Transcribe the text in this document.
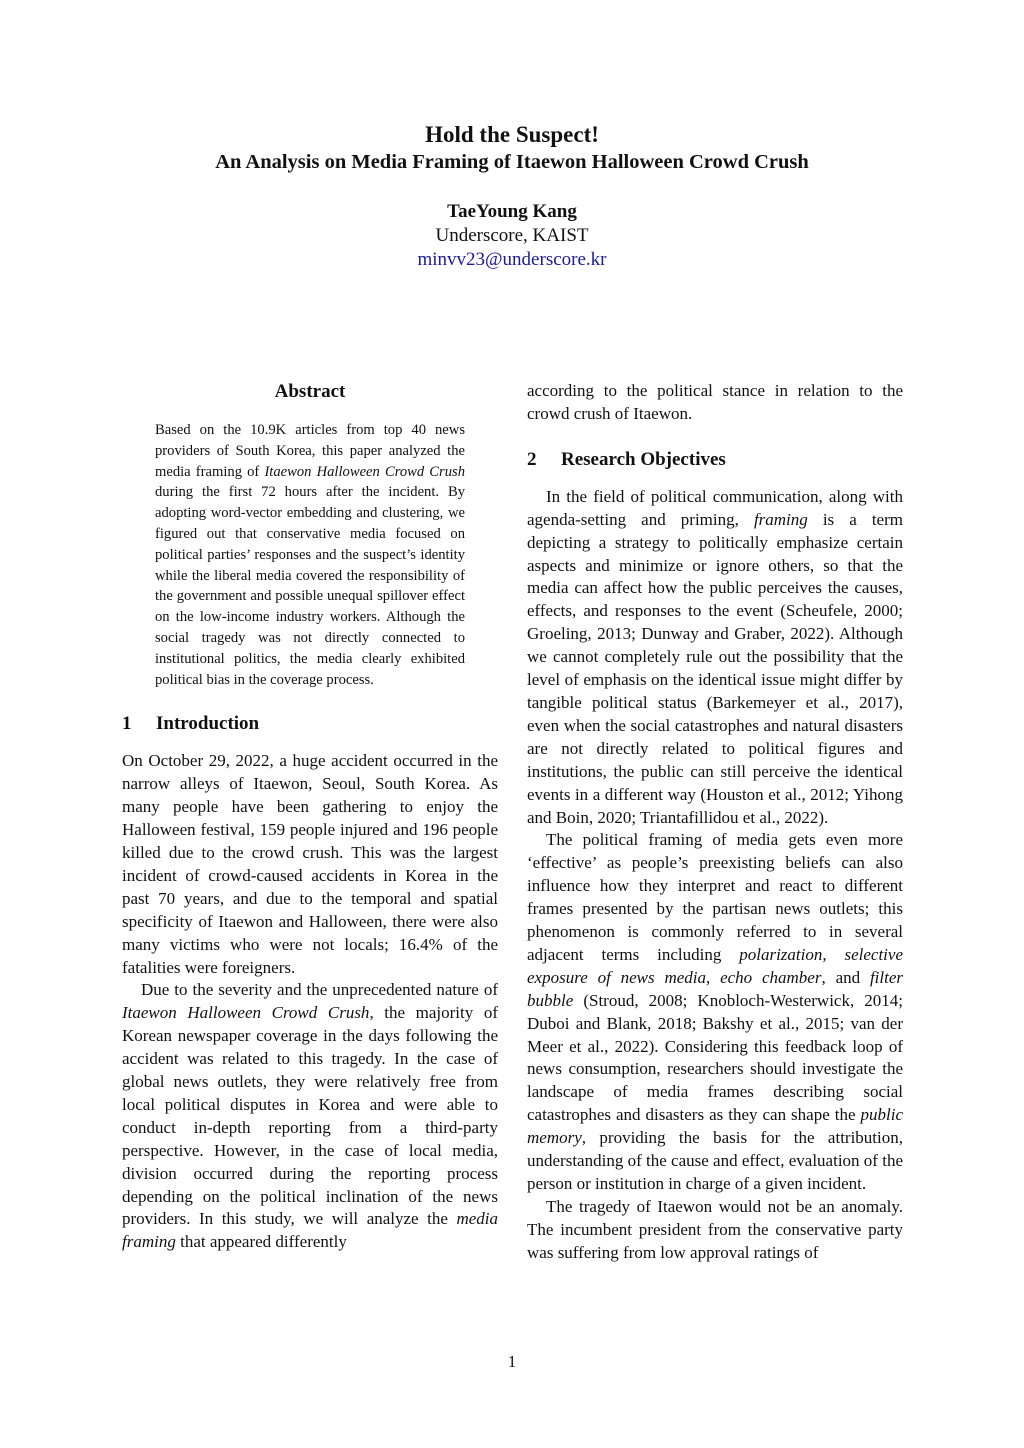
Hold the Suspect!
An Analysis on Media Framing of Itaewon Halloween Crowd Crush
TaeYoung Kang
Underscore, KAIST
minvv23@underscore.kr
Abstract

Based on the 10.9K articles from top 40 news providers of South Korea, this paper analyzed the media framing of Itaewon Halloween Crowd Crush during the first 72 hours after the incident. By adopting word-vector embedding and clustering, we figured out that conservative media focused on political parties’ responses and the suspect’s identity while the liberal media covered the responsibility of the government and possible unequal spillover effect on the low-income industry workers. Although the social tragedy was not directly connected to institutional politics, the media clearly exhibited political bias in the coverage process.

1 Introduction

On October 29, 2022, a huge accident occurred in the narrow alleys of Itaewon, Seoul, South Korea. As many people have been gathering to enjoy the Halloween festival, 159 people injured and 196 people killed due to the crowd crush. This was the largest incident of crowd-caused accidents in Korea in the past 70 years, and due to the temporal and spatial specificity of Itaewon and Halloween, there were also many victims who were not locals; 16.4% of the fatalities were foreigners.

Due to the severity and the unprecedented nature of Itaewon Halloween Crowd Crush, the majority of Korean newspaper coverage in the days following the accident was related to this tragedy. In the case of global news outlets, they were relatively free from local political disputes in Korea and were able to conduct in-depth reporting from a third-party perspective. However, in the case of local media, division occurred during the reporting process depending on the political inclination of the news providers. In this study, we will analyze the media framing that appeared differently

according to the political stance in relation to the crowd crush of Itaewon.

2 Research Objectives

In the field of political communication, along with agenda-setting and priming, framing is a term depicting a strategy to politically emphasize certain aspects and minimize or ignore others, so that the media can affect how the public perceives the causes, effects, and responses to the event (Scheufele, 2000; Groeling, 2013; Dunway and Graber, 2022). Although we cannot completely rule out the possibility that the level of emphasis on the identical issue might differ by tangible political status (Barkemeyer et al., 2017), even when the social catastrophes and natural disasters are not directly related to political figures and institutions, the public can still perceive the identical events in a different way (Houston et al., 2012; Yihong and Boin, 2020; Triantafillidou et al., 2022).

The political framing of media gets even more ‘effective’ as people’s preexisting beliefs can also influence how they interpret and react to different frames presented by the partisan news outlets; this phenomenon is commonly referred to in several adjacent terms including polarization, selective exposure of news media, echo chamber, and filter bubble (Stroud, 2008; Knobloch-Westerwick, 2014; Duboi and Blank, 2018; Bakshy et al., 2015; van der Meer et al., 2022). Considering this feedback loop of news consumption, researchers should investigate the landscape of media frames describing social catastrophes and disasters as they can shape the public memory, providing the basis for the attribution, understanding of the cause and effect, evaluation of the person or institution in charge of a given incident.

The tragedy of Itaewon would not be an anomaly. The incumbent president from the conservative party was suffering from low approval ratings of

1
